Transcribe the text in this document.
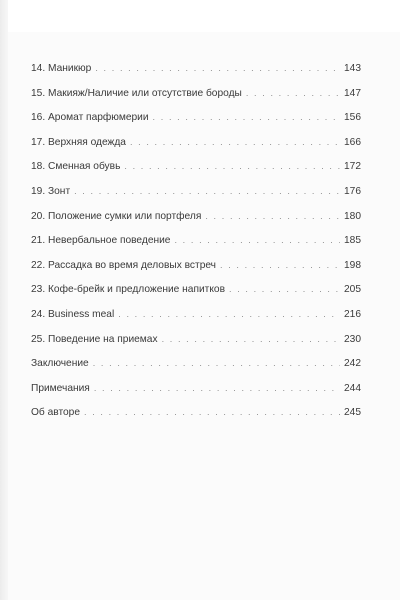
14. Маникюр . . .	143
15. Макияж/Наличие или отсутствие бороды . . .	147
16. Аромат парфюмерии . . .	156
17. Верхняя одежда . . .	166
18. Сменная обувь . . .	172
19. Зонт . . .	176
20. Положение сумки или портфеля . . .	180
21. Невербальное поведение . . .	185
22. Рассадка во время деловых встреч . . .	198
23. Кофе-брейк и предложение напитков . . .	205
24. Business meal . . .	216
25. Поведение на приемах . . .	230
Заключение . . .	242
Примечания . . .	244
Об авторе . . .	245
